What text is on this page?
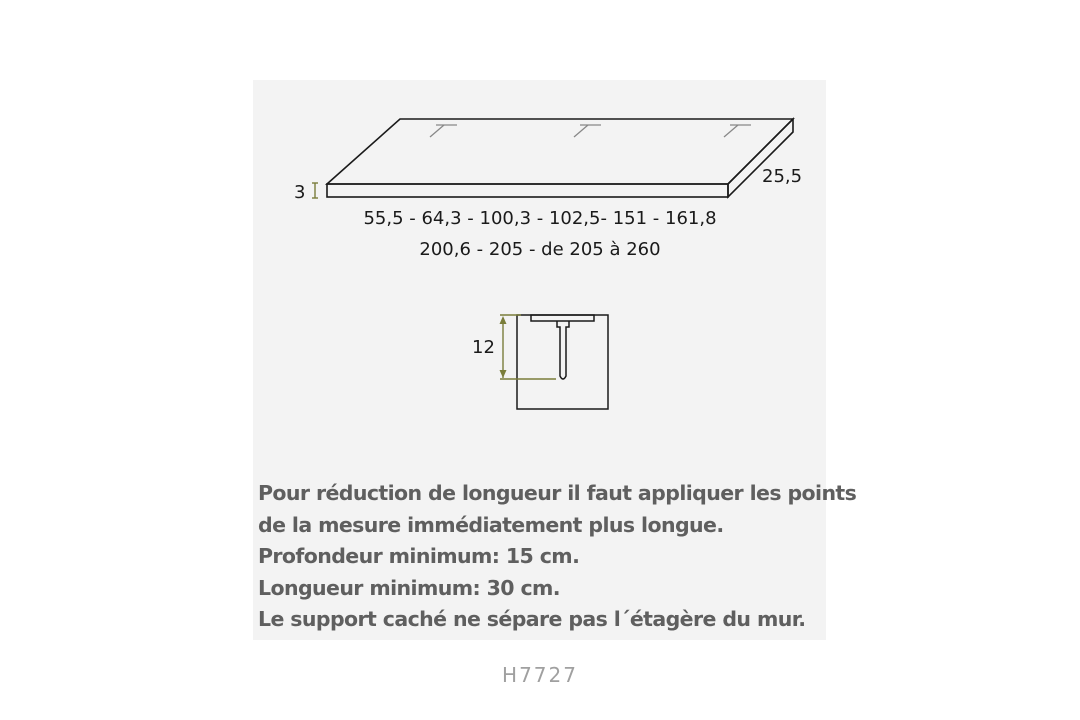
3
25,5
55,5 - 64,3 - 100,3 - 102,5- 151 - 161,8
200,6 - 205 - de 205 à 260
12
Pour réduction de longueur il faut appliquer les points
de la mesure immédiatement plus longue.
Profondeur minimum: 15 cm.
Longueur minimum: 30 cm.
Le support caché ne sépare pas l´étagère du mur.
H7727
